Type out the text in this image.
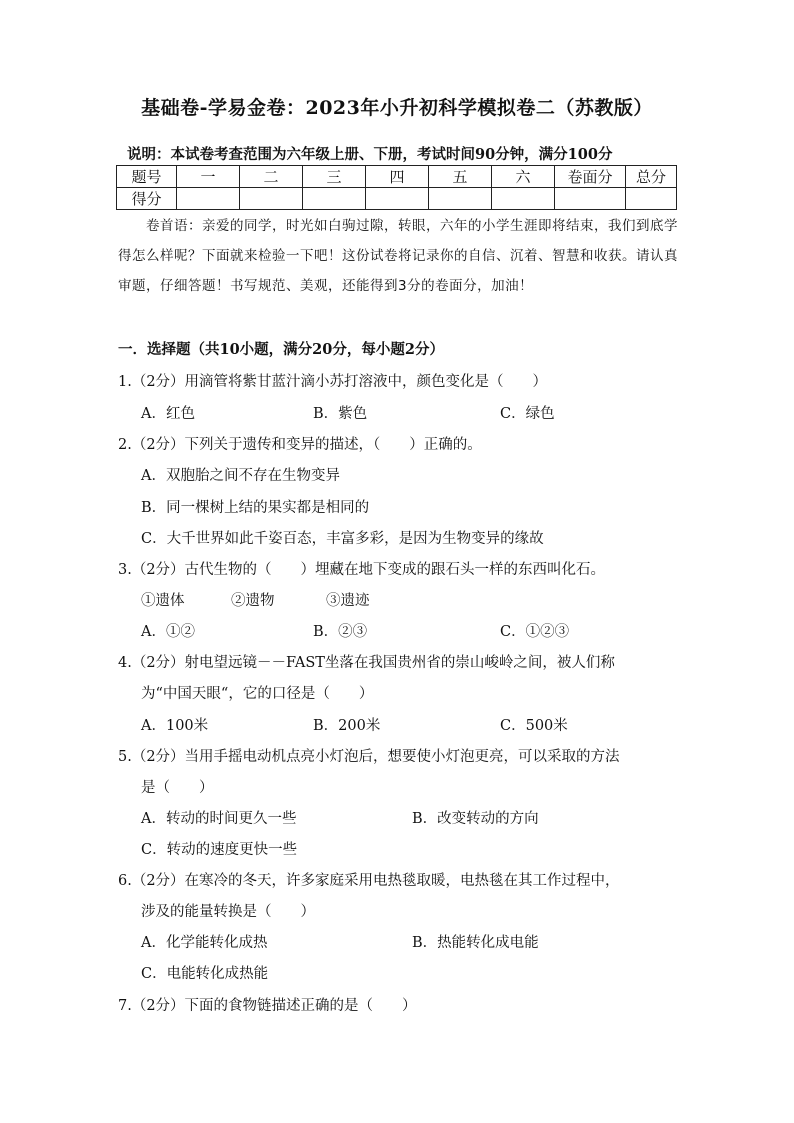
基础卷-学易金卷：2023年小升初科学模拟卷二（苏教版）
说明：本试卷考查范围为六年级上册、下册，考试时间90分钟，满分100分
题号	一	二	三	四	五	六	卷面分	总分
得分								
卷首语：亲爱的同学，时光如白驹过隙，转眼，六年的小学生涯即将结束，我们到底学得怎么样呢？下面就来检验一下吧！这份试卷将记录你的自信、沉着、智慧和收获。请认真审题，仔细答题！书写规范、美观，还能得到3分的卷面分，加油！
一．选择题（共10小题，满分20分，每小题2分）
1.（2分）用滴管将紫甘蓝汁滴小苏打溶液中，颜色变化是（　　）
A．红色	B．紫色	C．绿色
2.（2分）下列关于遗传和变异的描述，（　　）正确的。
A．双胞胎之间不存在生物变异
B．同一棵树上结的果实都是相同的
C．大千世界如此千姿百态，丰富多彩，是因为生物变异的缘故
3.（2分）古代生物的（　　）埋藏在地下变成的跟石头一样的东西叫化石。
①遗体	②遗物	③遗迹
A．①②	B．②③	C．①②③
4.（2分）射电望远镜－－FAST坐落在我国贵州省的崇山峻岭之间，被人们称
为“中国天眼“，它的口径是（　　）
A．100米	B．200米	C．500米
5.（2分）当用手摇电动机点亮小灯泡后，想要使小灯泡更亮，可以采取的方法
是（　　）
A．转动的时间更久一些	B．改变转动的方向
C．转动的速度更快一些
6.（2分）在寒冷的冬天，许多家庭采用电热毯取暖，电热毯在其工作过程中，
涉及的能量转换是（　　）
A．化学能转化成热	B．热能转化成电能
C．电能转化成热能
7.（2分）下面的食物链描述正确的是（　　）
